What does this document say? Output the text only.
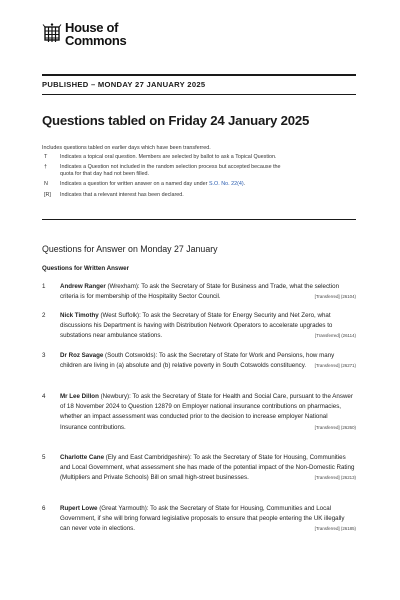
House of
Commons
PUBLISHED – MONDAY 27 JANUARY 2025
Questions tabled on Friday 24 January 2025
Includes questions tabled on earlier days which have been transferred.
T	Indicates a topical oral question. Members are selected by ballot to ask a Topical Question.
†	Indicates a Question not included in the random selection process but accepted because the quota for that day had not been filled.
N	Indicates a question for written answer on a named day under S.O. No. 22(4).
[R]	Indicates that a relevant interest has been declared.
Questions for Answer on Monday 27 January
Questions for Written Answer
1	Andrew Ranger (Wrexham): To ask the Secretary of State for Business and Trade, what the selection criteria is for membership of the Hospitality Sector Council.	[Transferred] (26104)
2	Nick Timothy (West Suffolk): To ask the Secretary of State for Energy Security and Net Zero, what discussions his Department is having with Distribution Network Operators to accelerate upgrades to substations near ambulance stations.	[Transferred] (26114)
3	Dr Roz Savage (South Cotswolds): To ask the Secretary of State for Work and Pensions, how many children are living in (a) absolute and (b) relative poverty in South Cotswolds constituency. [Transferred] (26271)
4	Mr Lee Dillon (Newbury): To ask the Secretary of State for Health and Social Care, pursuant to the Answer of 18 November 2024 to Question 12879 on Employer national insurance contributions on pharmacies, whether an impact assessment was conducted prior to the decision to increase employer National Insurance contributions.	[Transferred] (26260)
5	Charlotte Cane (Ely and East Cambridgeshire): To ask the Secretary of State for Housing, Communities and Local Government, what assessment she has made of the potential impact of the Non-Domestic Rating (Multipliers and Private Schools) Bill on small high-street businesses.	[Transferred] (26213)
6	Rupert Lowe (Great Yarmouth): To ask the Secretary of State for Housing, Communities and Local Government, if she will bring forward legislative proposals to ensure that people entering the UK illegally can never vote in elections.	[Transferred] (26185)
